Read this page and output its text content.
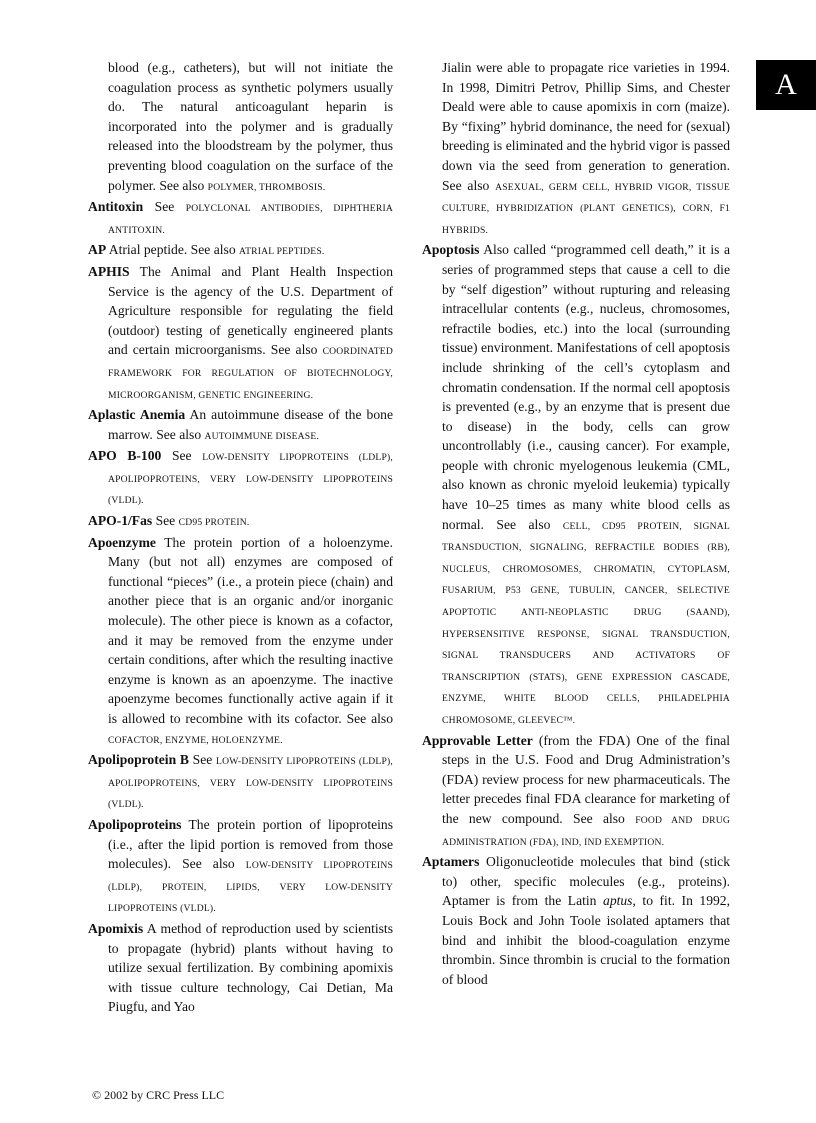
A

blood (e.g., catheters), but will not initiate the coagulation process as synthetic polymers usually do. The natural anticoagulant heparin is incorporated into the polymer and is gradually released into the bloodstream by the polymer, thus preventing blood coagulation on the surface of the polymer. See also POLYMER, THROMBOSIS.

Antitoxin See POLYCLONAL ANTIBODIES, DIPHTHERIA ANTITOXIN.

AP Atrial peptide. See also ATRIAL PEPTIDES.

APHIS The Animal and Plant Health Inspection Service is the agency of the U.S. Department of Agriculture responsible for regulating the field (outdoor) testing of genetically engineered plants and certain microorganisms. See also COORDINATED FRAMEWORK FOR REGULATION OF BIOTECHNOLOGY, MICROORGANISM, GENETIC ENGINEERING.

Aplastic Anemia An autoimmune disease of the bone marrow. See also AUTOIMMUNE DISEASE.

APO B-100 See LOW-DENSITY LIPOPROTEINS (LDLP), APOLIPOPROTEINS, VERY LOW-DENSITY LIPOPROTEINS (VLDL).

APO-1/Fas See CD95 PROTEIN.

Apoenzyme The protein portion of a holoenzyme. Many (but not all) enzymes are composed of functional “pieces” (i.e., a protein piece (chain) and another piece that is an organic and/or inorganic molecule). The other piece is known as a cofactor, and it may be removed from the enzyme under certain conditions, after which the resulting inactive enzyme is known as an apoenzyme. The inactive apoenzyme becomes functionally active again if it is allowed to recombine with its cofactor. See also COFACTOR, ENZYME, HOLOENZYME.

Apolipoprotein B See LOW-DENSITY LIPOPROTEINS (LDLP), APOLIPOPROTEINS, VERY LOW-DENSITY LIPOPROTEINS (VLDL).

Apolipoproteins The protein portion of lipoproteins (i.e., after the lipid portion is removed from those molecules). See also LOW-DENSITY LIPOPROTEINS (LDLP), PROTEIN, LIPIDS, VERY LOW-DENSITY LIPOPROTEINS (VLDL).

Apomixis A method of reproduction used by scientists to propagate (hybrid) plants without having to utilize sexual fertilization. By combining apomixis with tissue culture technology, Cai Detian, Ma Piugfu, and Yao

Jialin were able to propagate rice varieties in 1994. In 1998, Dimitri Petrov, Phillip Sims, and Chester Deald were able to cause apomixis in corn (maize). By “fixing” hybrid dominance, the need for (sexual) breeding is eliminated and the hybrid vigor is passed down via the seed from generation to generation. See also ASEXUAL, GERM CELL, HYBRID VIGOR, TISSUE CULTURE, HYBRIDIZATION (PLANT GENETICS), CORN, F1 HYBRIDS.

Apoptosis Also called “programmed cell death,” it is a series of programmed steps that cause a cell to die by “self digestion” without rupturing and releasing intracellular contents (e.g., nucleus, chromosomes, refractile bodies, etc.) into the local (surrounding tissue) environment. Manifestations of cell apoptosis include shrinking of the cell’s cytoplasm and chromatin condensation. If the normal cell apoptosis is prevented (e.g., by an enzyme that is present due to disease) in the body, cells can grow uncontrollably (i.e., causing cancer). For example, people with chronic myelogenous leukemia (CML, also known as chronic myeloid leukemia) typically have 10–25 times as many white blood cells as normal. See also CELL, CD95 PROTEIN, SIGNAL TRANSDUCTION, SIGNALING, REFRACTILE BODIES (RB), NUCLEUS, CHROMOSOMES, CHROMATIN, CYTOPLASM, FUSARIUM, P53 GENE, TUBULIN, CANCER, SELECTIVE APOPTOTIC ANTI-NEOPLASTIC DRUG (SAAND), HYPERSENSITIVE RESPONSE, SIGNAL TRANSDUCTION, SIGNAL TRANSDUCERS AND ACTIVATORS OF TRANSCRIPTION (STATS), GENE EXPRESSION CASCADE, ENZYME, WHITE BLOOD CELLS, PHILADELPHIA CHROMOSOME, GLEEVEC™.

Approvable Letter (from the FDA) One of the final steps in the U.S. Food and Drug Administration’s (FDA) review process for new pharmaceuticals. The letter precedes final FDA clearance for marketing of the new compound. See also FOOD AND DRUG ADMINISTRATION (FDA), IND, IND EXEMPTION.

Aptamers Oligonucleotide molecules that bind (stick to) other, specific molecules (e.g., proteins). Aptamer is from the Latin aptus, to fit. In 1992, Louis Bock and John Toole isolated aptamers that bind and inhibit the blood-coagulation enzyme thrombin. Since thrombin is crucial to the formation of blood

© 2002 by CRC Press LLC
